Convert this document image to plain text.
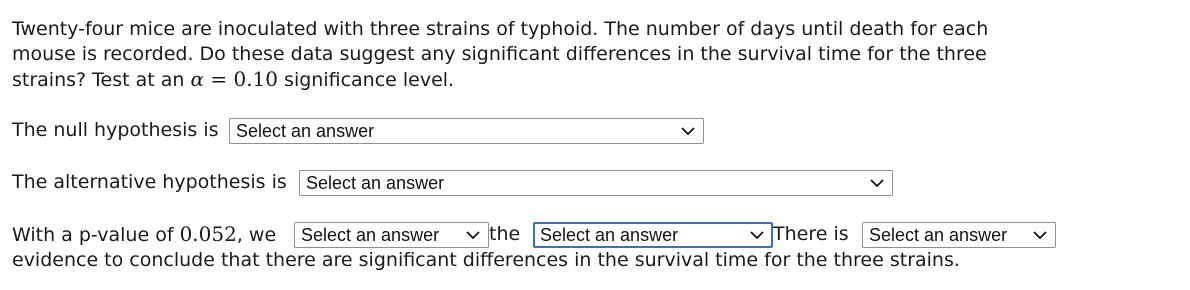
Twenty-four mice are inoculated with three strains of typhoid. The number of days until death for each
mouse is recorded. Do these data suggest any significant differences in the survival time for the three
strains? Test at an α = 0.10 significance level.
The null hypothesis is Select an answer
The alternative hypothesis is	Select an answer
With a p-value of 0.052, we	Select an answer	the	Select an answer	There is	Select an answer
evidence to conclude that there are significant differences in the survival time for the three strains.
